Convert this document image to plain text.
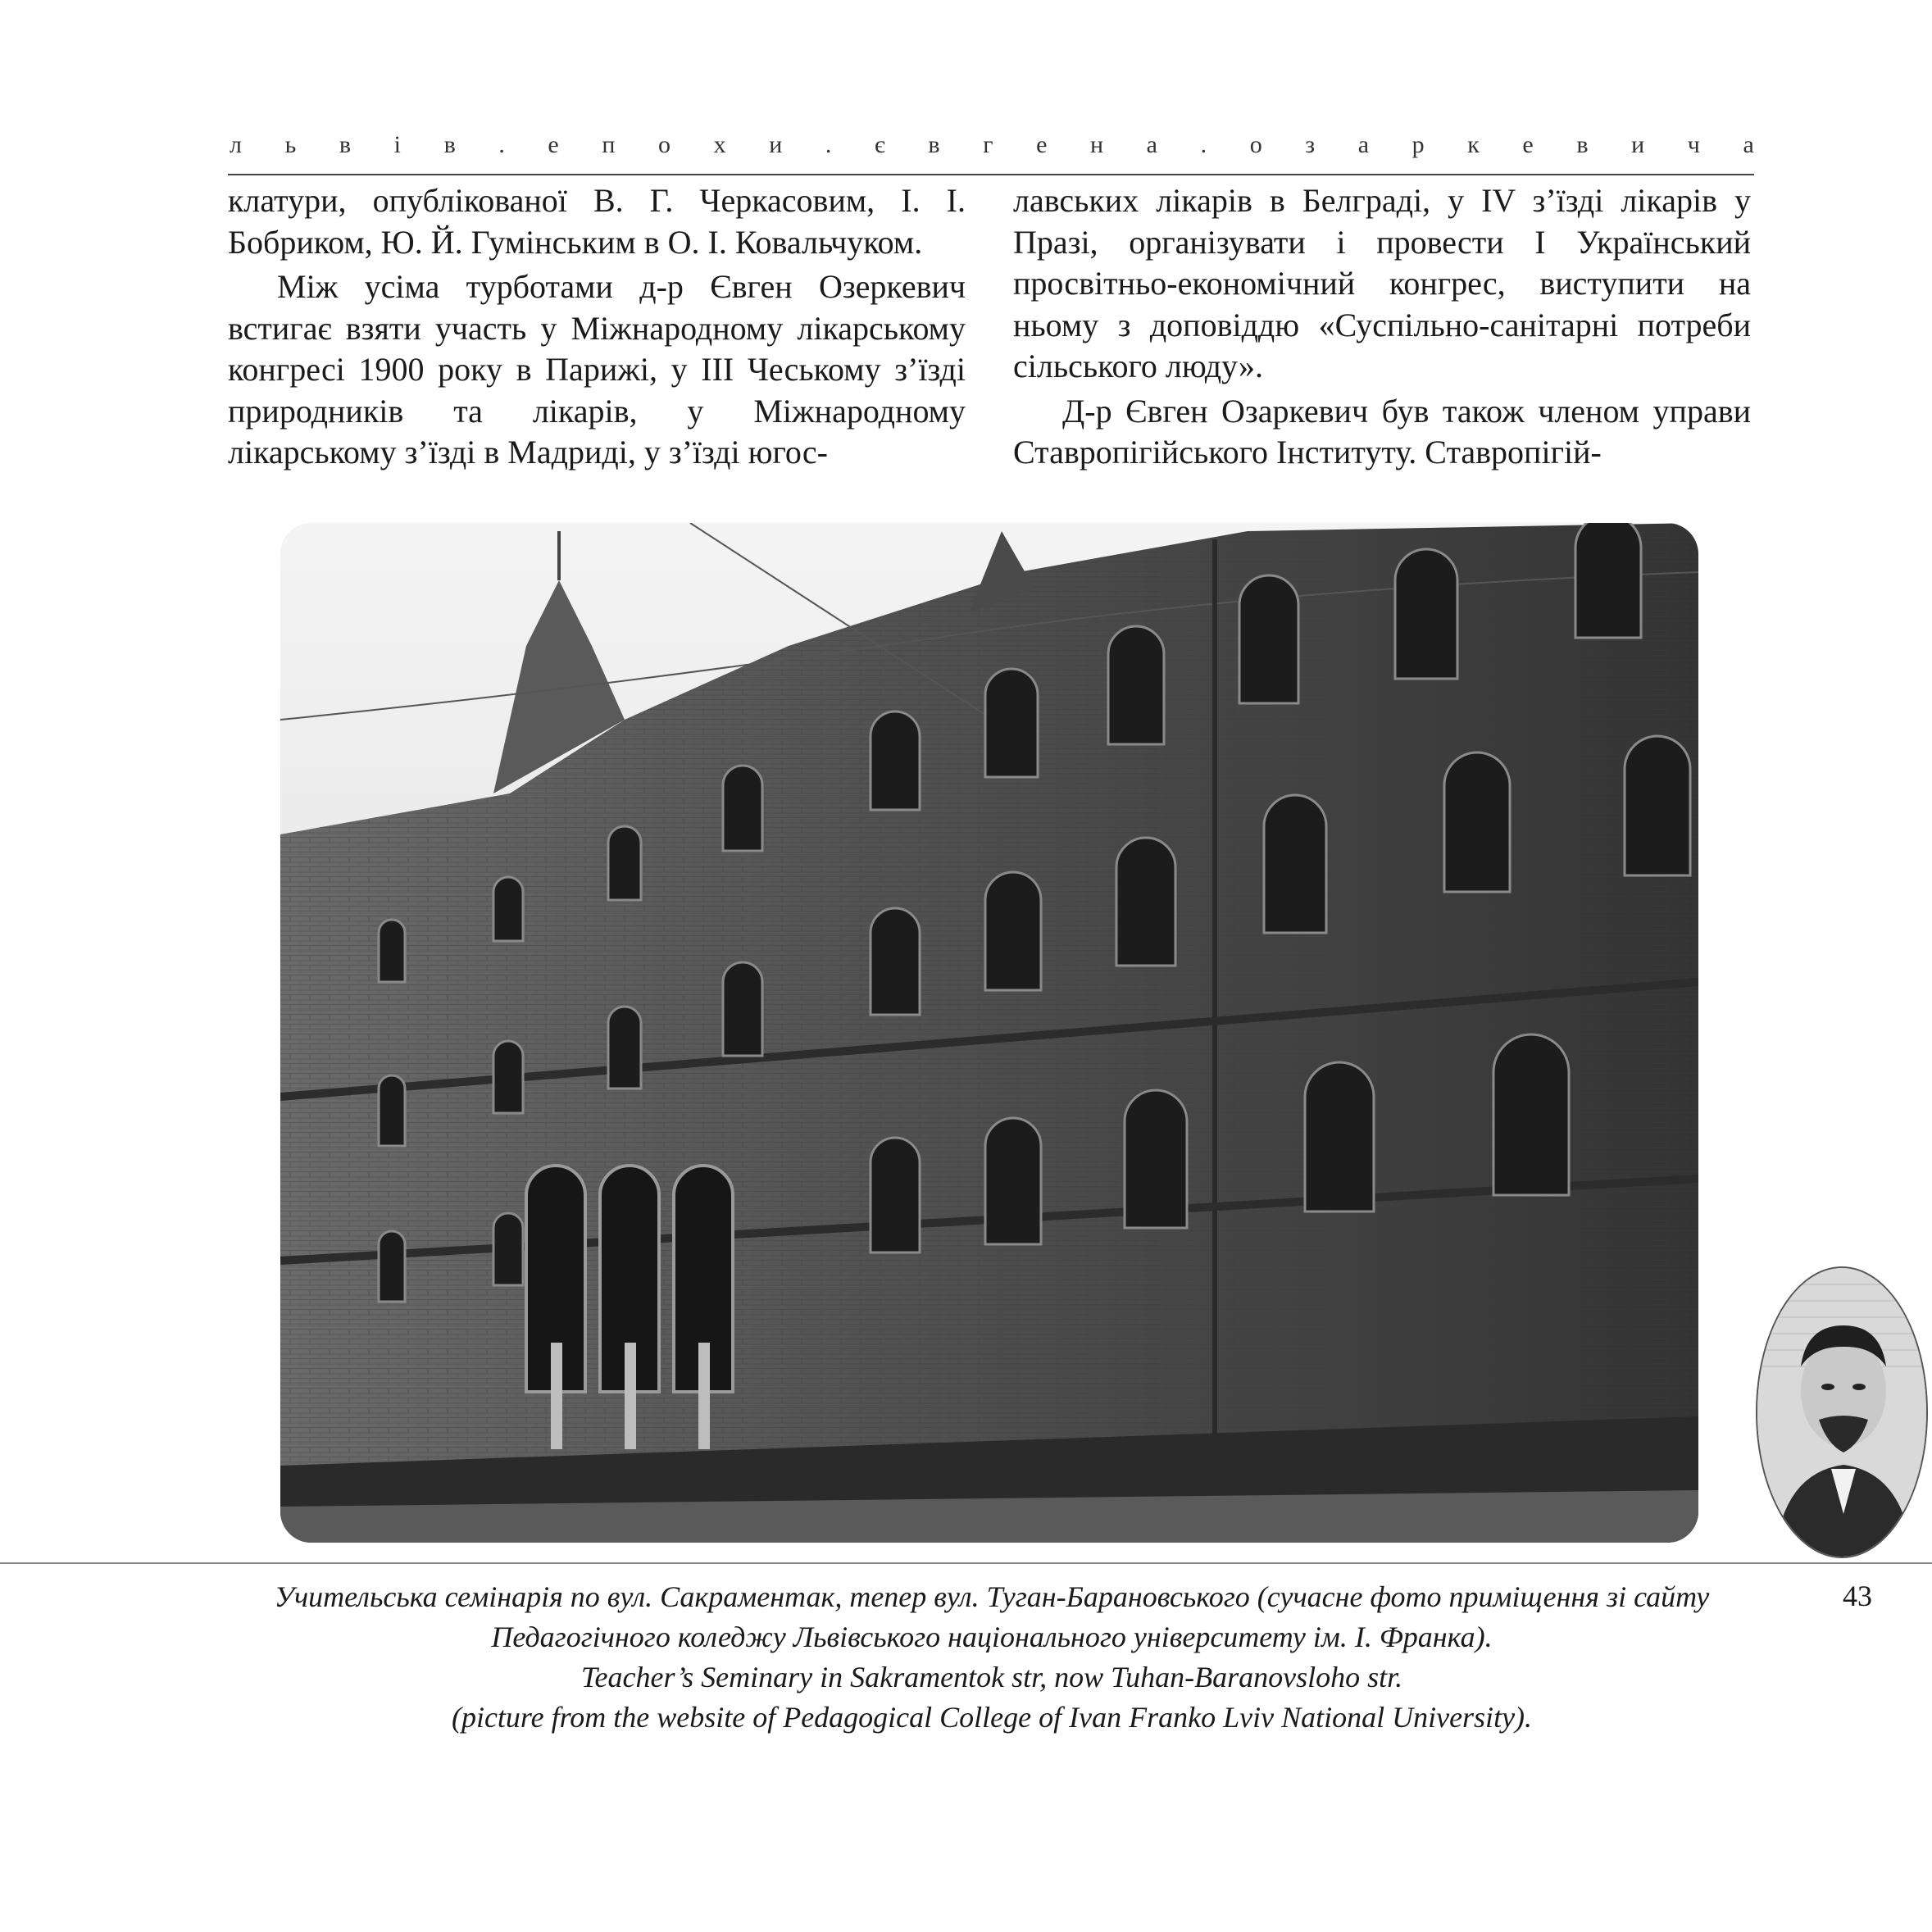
л ь в і в . е п о х и . є в г е н а . о з а р к е в и ч а

клатури, опублікованої В. Г. Черкасовим, І. І. Бобриком, Ю. Й. Гумінським в О. І. Ковальчуком.

Між усіма турботами д-р Євген Озеркевич встигає взяти участь у Міжнародному лікарському конгресі 1900 року в Парижі, у ІІІ Чеському з’їзді природників та лікарів, у Міжнародному лікарському з’їзді в Мадриді, у з’їзді югос-

лавських лікарів в Белграді, у IV з’їзді лікарів у Празі, організувати і провести І Український просвітньо-економічний конгрес, виступити на ньому з доповіддю «Суспільно-санітарні потреби сільського люду».

Д-р Євген Озаркевич був також членом управи Ставропігійського Інституту. Ставропігій-

Учительська семінарія по вул. Сакраментак, тепер вул. Туган-Барановського (сучасне фото приміщення зі сайту
Педагогічного коледжу Львівського національного університету ім. І. Франка).
Teacher’s Seminary in Sakramentok str, now Tuhan-Baranovsloho str.
(picture from the website of Pedagogical College of Ivan Franko Lviv National University).
43
